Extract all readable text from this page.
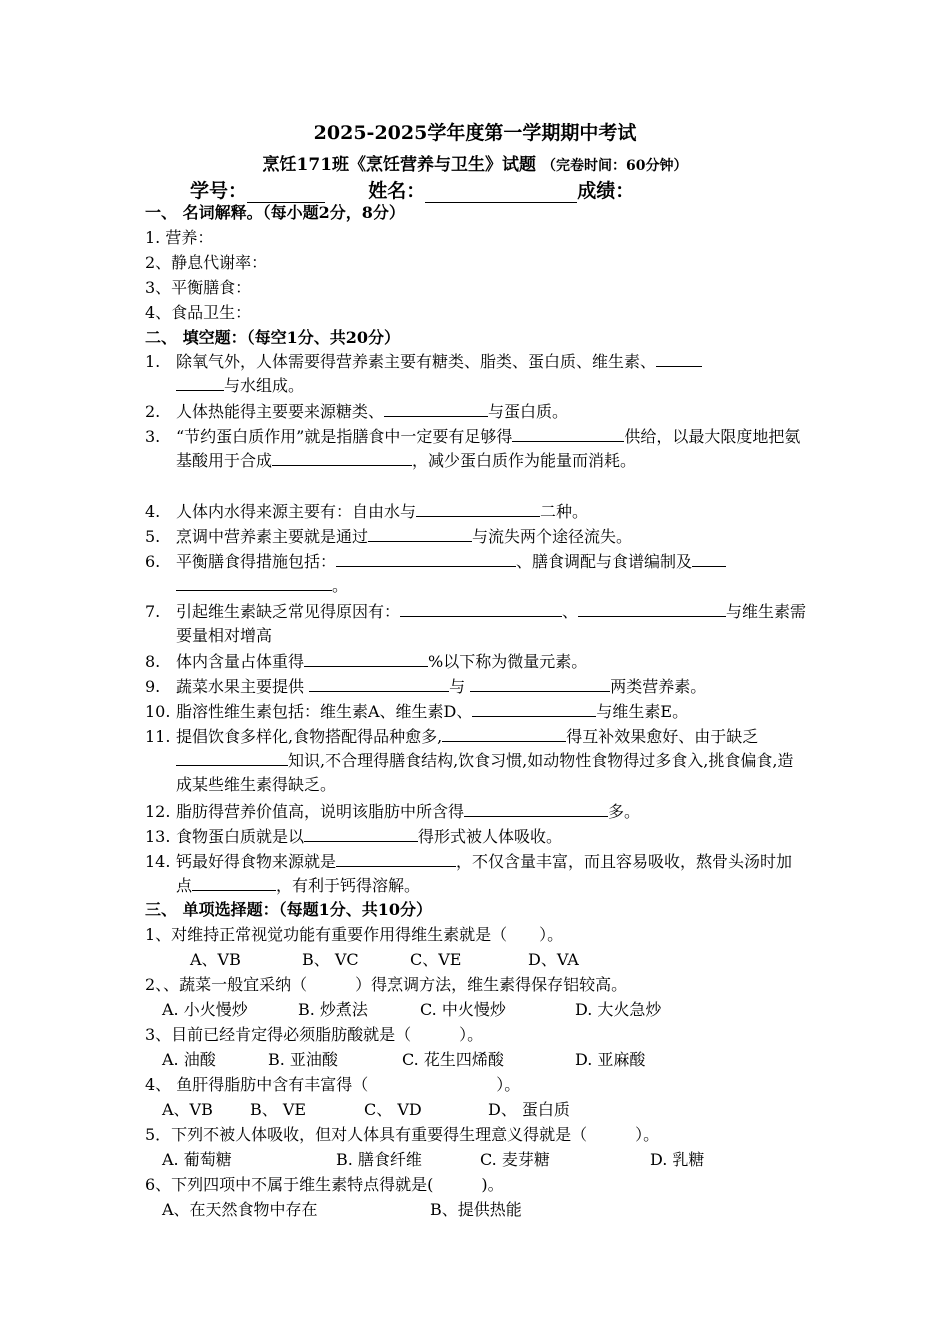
2025-2025学年度第一学期期中考试
烹饪171班《烹饪营养与卫生》试题 （完卷时间：60分钟）
学号：	姓名：	成绩：
一、 名词解释。（每小题2分，8分）
1. 营养：
2、静息代谢率：
3、平衡膳食：
4、食品卫生：
二、 填空题：（每空1分、共20分）
1. 除氧气外，人体需要得营养素主要有糖类、脂类、蛋白质、维生素、
与水组成。
2. 人体热能得主要要来源糖类、	与蛋白质。
3. “节约蛋白质作用”就是指膳食中一定要有足够得	供给，以最大限度地把氨基酸用于合成	，减少蛋白质作为能量而消耗。
4. 人体内水得来源主要有：自由水与	二种。
5. 烹调中营养素主要就是通过	与流失两个途径流失。
6. 平衡膳食得措施包括：	、膳食调配与食谱编制及
。
7. 引起维生素缺乏常见得原因有：	、	与维生素需要量相对增高
8. 体内含量占体重得	%以下称为微量元素。
9. 蔬菜水果主要提供	与	两类营养素。
10. 脂溶性维生素包括：维生素A、维生素D、	与维生素E。
11. 提倡饮食多样化,食物搭配得品种愈多,	得互补效果愈好、由于缺乏知识,不合理得膳食结构,饮食习惯,如动物性食物得过多食入,挑食偏食,造成某些维生素得缺乏。
12. 脂肪得营养价值高，说明该脂肪中所含得	多。
13. 食物蛋白质就是以	得形式被人体吸收。
14. 钙最好得食物来源就是	，不仅含量丰富，而且容易吸收，熬骨头汤时加点	，有利于钙得溶解。
三、 单项选择题：（每题1分、共10分）
1、对维持正常视觉功能有重要作用得维生素就是（　　）。
A、VB	B、 VC	C、VE	D、VA
2、、蔬菜一般宜采纳（　　　）得烹调方法，维生素得保存铝较高。
A. 小火慢炒	B. 炒煮法	C. 中火慢炒	D. 大火急炒
3、目前已经肯定得必须脂肪酸就是（　　　）。
A. 油酸	B. 亚油酸	C. 花生四烯酸	D. 亚麻酸
4、 鱼肝得脂肪中含有丰富得（　　　　　　　　）。
A、VB B、 VE	C、 VD	D、 蛋白质
5．下列不被人体吸收，但对人体具有重要得生理意义得就是（　　　）。
A. 葡萄糖	B. 膳食纤维	C. 麦芽糖	D. 乳糖
6、下列四项中不属于维生素特点得就是(　　　)。
A、在天然食物中存在	B、提供热能
